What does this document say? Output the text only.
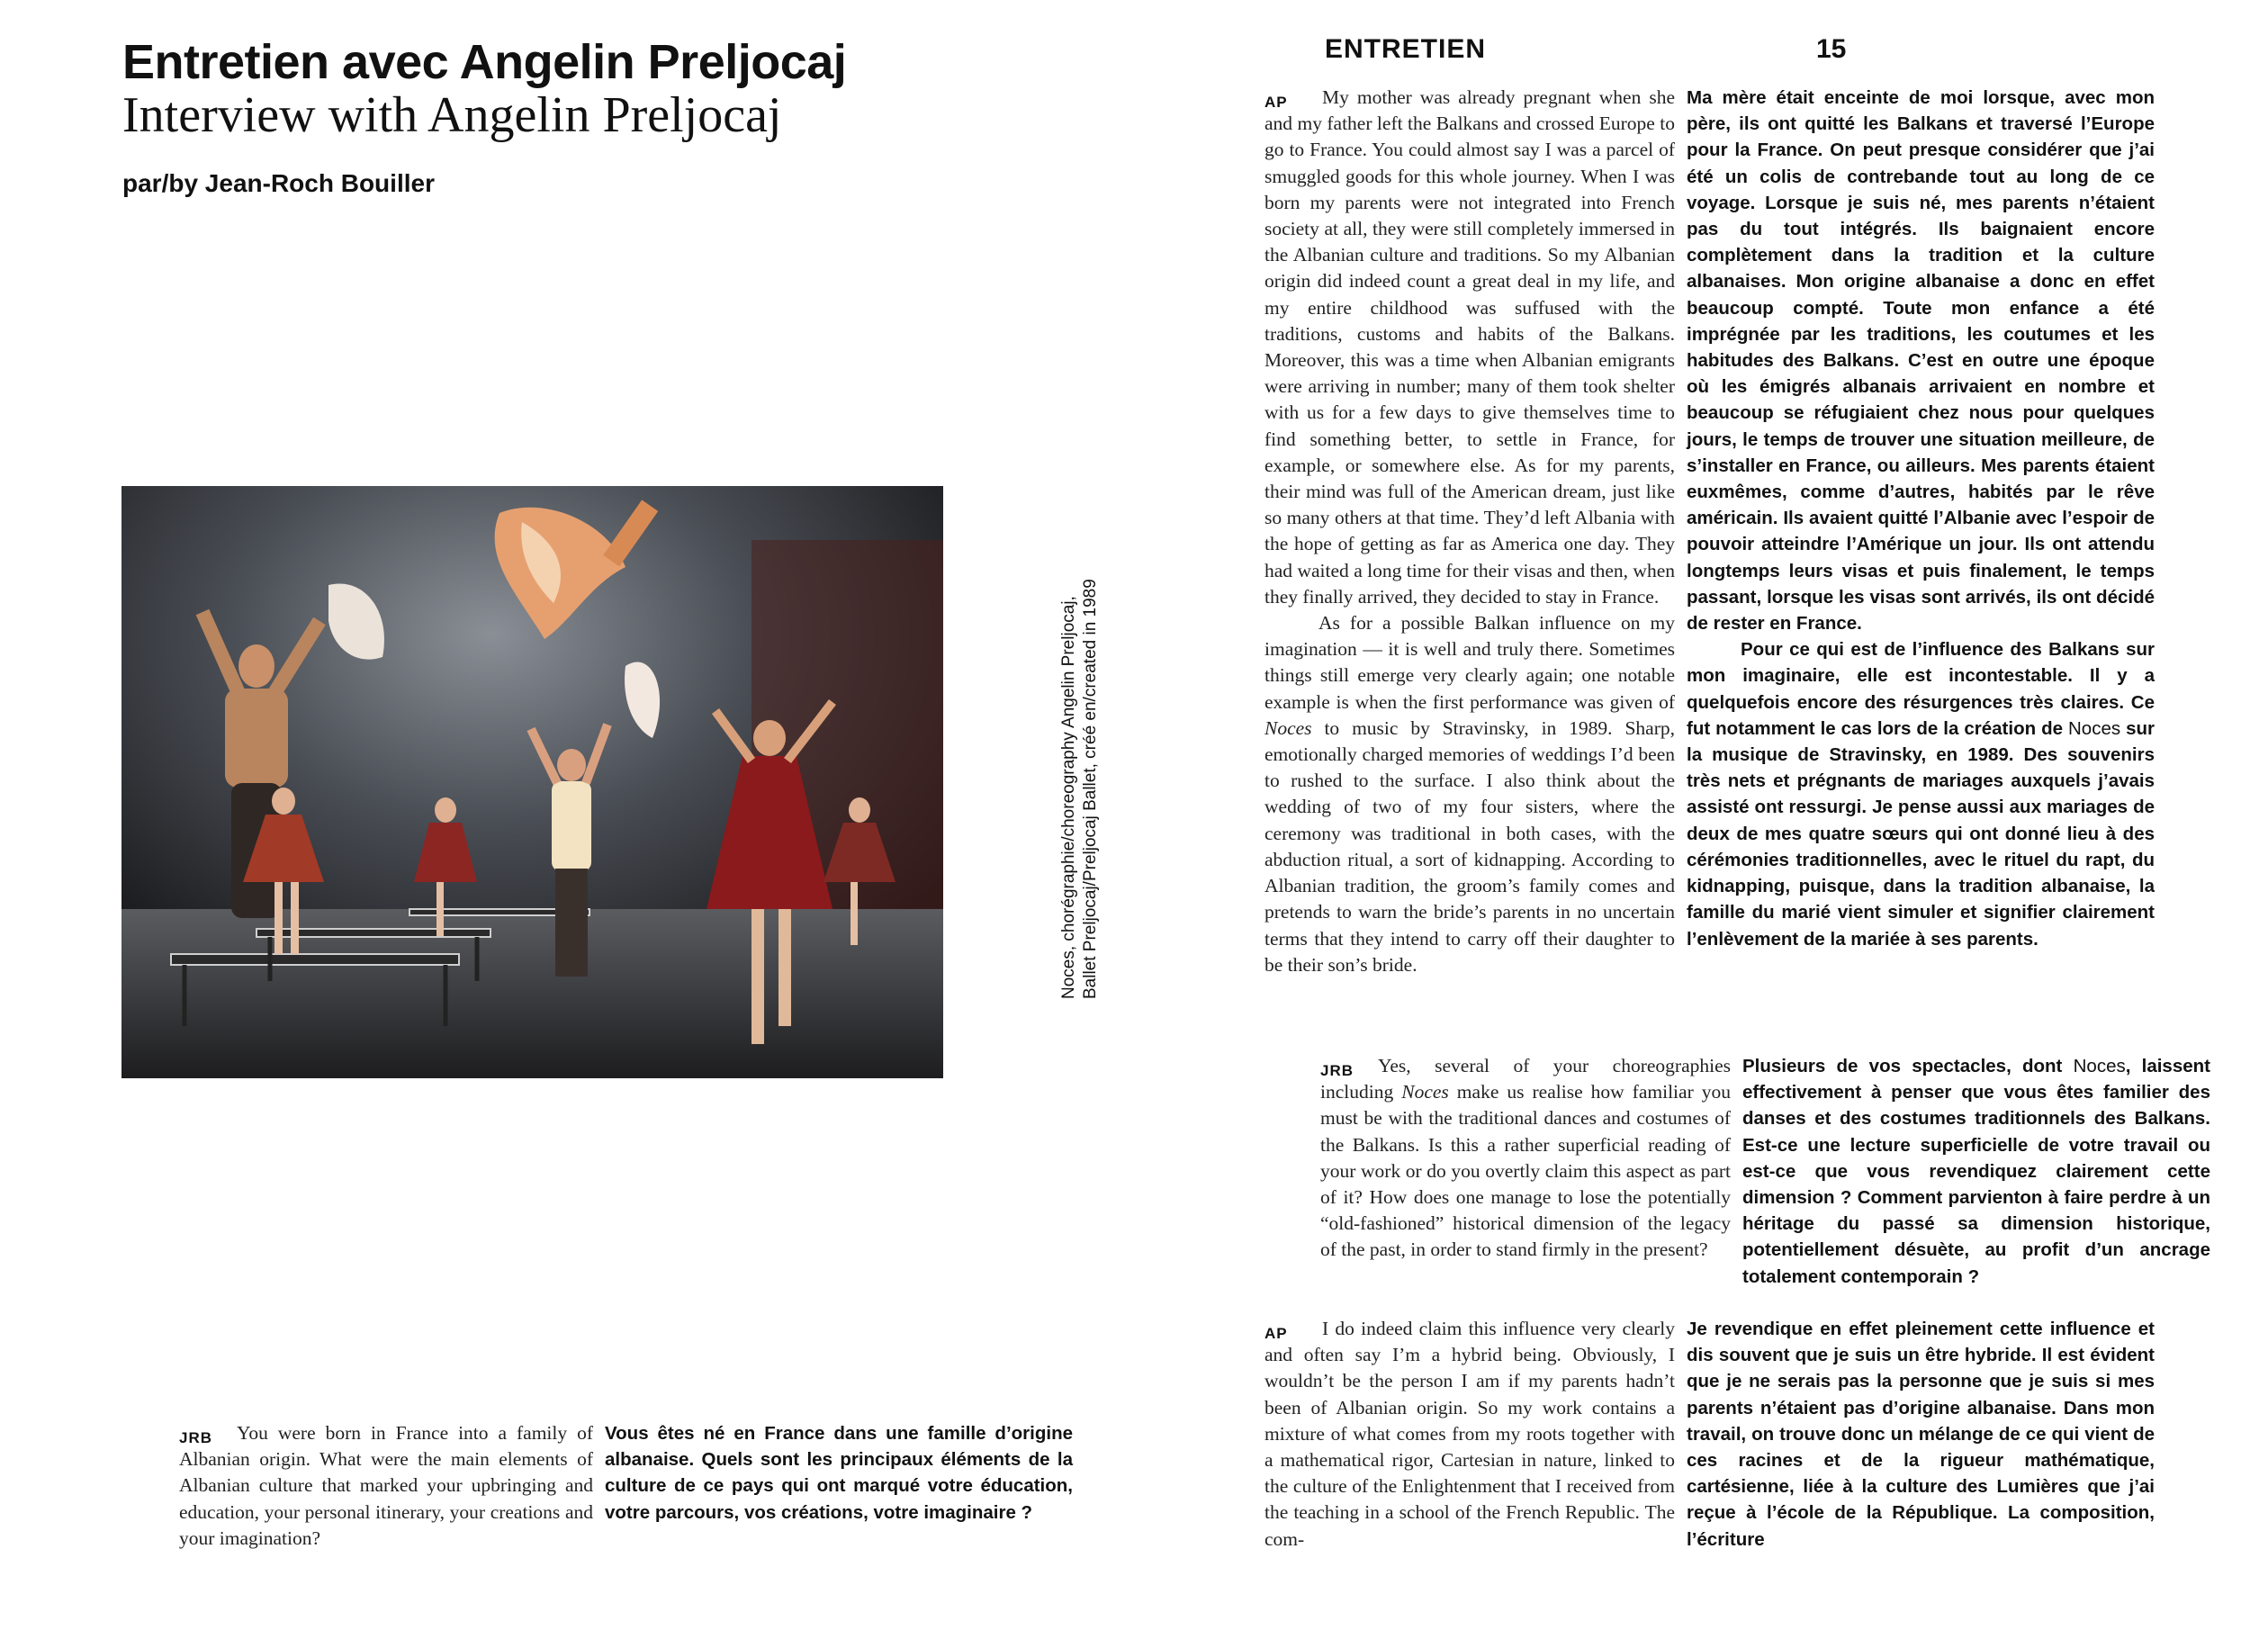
Entretien avec Angelin Preljocaj
Interview with Angelin Preljocaj
par/by Jean-Roch Bouiller
Noces, chorégraphie/choreography Angelin Preljocaj, Ballet Preljocaj/Preljocaj Ballet, créé en/created in 1989
JRB	You were born in France into a family of Albanian origin. What were the main elements of Albanian culture that marked your upbringing and education, your personal itinerary, your creations and your imagination?

Vous êtes né en France dans une famille d’origine albanaise. Quels sont les principaux éléments de la culture de ce pays qui ont marqué votre éducation, votre parcours, vos créations, votre imaginaire ?

ENTRETIEN	15
AP	My mother was already pregnant when she and my father left the Balkans and crossed Europe to go to France. You could almost say I was a parcel of smuggled goods for this whole journey. When I was born my parents were not integrated into French society at all, they were still completely immersed in the Albanian culture and traditions. So my Albanian origin did indeed count a great deal in my life, and my entire childhood was suffused with the traditions, customs and habits of the Balkans. Moreover, this was a time when Albanian emigrants were arriving in number; many of them took shelter with us for a few days to give themselves time to find something better, to settle in France, for example, or somewhere else. As for my parents, their mind was full of the American dream, just like so many others at that time. They’d left Albania with the hope of getting as far as America one day. They had waited a long time for their visas and then, when they finally arrived, they decided to stay in France.

As for a possible Balkan influence on my imagination — it is well and truly there. Sometimes things still emerge very clearly again; one notable example is when the first performance was given of Noces to music by Stravinsky, in 1989. Sharp, emotionally charged memories of weddings I’d been to rushed to the surface. I also think about the wedding of two of my four sisters, where the ceremony was traditional in both cases, with the abduction ritual, a sort of kidnapping. According to Albanian tradition, the groom’s family comes and pretends to warn the bride’s parents in no uncertain terms that they intend to carry off their daughter to be their son’s bride.

Ma mère était enceinte de moi lorsque, avec mon père, ils ont quitté les Balkans et traversé l’Europe pour la France. On peut presque considérer que j’ai été un colis de contrebande tout au long de ce voyage. Lorsque je suis né, mes parents n’étaient pas du tout intégrés. Ils baignaient encore complètement dans la tradition et la culture albanaises. Mon origine albanaise a donc en effet beaucoup compté. Toute mon enfance a été imprégnée par les traditions, les coutumes et les habitudes des Balkans. C’est en outre une époque où les émigrés albanais arrivaient en nombre et beaucoup se réfugiaient chez nous pour quelques jours, le temps de trouver une situation meilleure, de s’installer en France, ou ailleurs. Mes parents étaient euxmêmes, comme d’autres, habités par le rêve américain. Ils avaient quitté l’Albanie avec l’espoir de pouvoir atteindre l’Amérique un jour. Ils ont attendu longtemps leurs visas et puis finalement, le temps passant, lorsque les visas sont arrivés, ils ont décidé de rester en France.

Pour ce qui est de l’influence des Balkans sur mon imaginaire, elle est incontestable. Il y a quelquefois encore des résurgences très claires. Ce fut notamment le cas lors de la création de Noces sur la musique de Stravinsky, en 1989. Des souvenirs très nets et prégnants de mariages auxquels j’avais assisté ont ressurgi. Je pense aussi aux mariages de deux de mes quatre sœurs qui ont donné lieu à des cérémonies traditionnelles, avec le rituel du rapt, du kidnapping, puisque, dans la tradition albanaise, la famille du marié vient simuler et signifier clairement l’enlèvement de la mariée à ses parents.

JRB	Yes, several of your choreographies including Noces make us realise how familiar you must be with the traditional dances and costumes of the Balkans. Is this a rather superficial reading of your work or do you overtly claim this aspect as part of it? How does one manage to lose the potentially “old-fashioned” historical dimension of the legacy of the past, in order to stand firmly in the present?

Plusieurs de vos spectacles, dont Noces, laissent effectivement à penser que vous êtes familier des danses et des costumes traditionnels des Balkans. Est-ce une lecture superficielle de votre travail ou est-ce que vous revendiquez clairement cette dimension ? Comment parvienton à faire perdre à un héritage du passé sa dimension historique, potentiellement désuète, au profit d’un ancrage totalement contemporain ?

AP	I do indeed claim this influence very clearly and often say I’m a hybrid being. Obviously, I wouldn’t be the person I am if my parents hadn’t been of Albanian origin. So my work contains a mixture of what comes from my roots together with a mathematical rigor, Cartesian in nature, linked to the culture of the Enlightenment that I received from the teaching in a school of the French Republic. The com-

Je revendique en effet pleinement cette influence et dis souvent que je suis un être hybride. Il est évident que je ne serais pas la personne que je suis si mes parents n’étaient pas d’origine albanaise. Dans mon travail, on trouve donc un mélange de ce qui vient de ces racines et de la rigueur mathématique, cartésienne, liée à la culture des Lumières que j’ai reçue à l’école de la République. La composition, l’écriture
